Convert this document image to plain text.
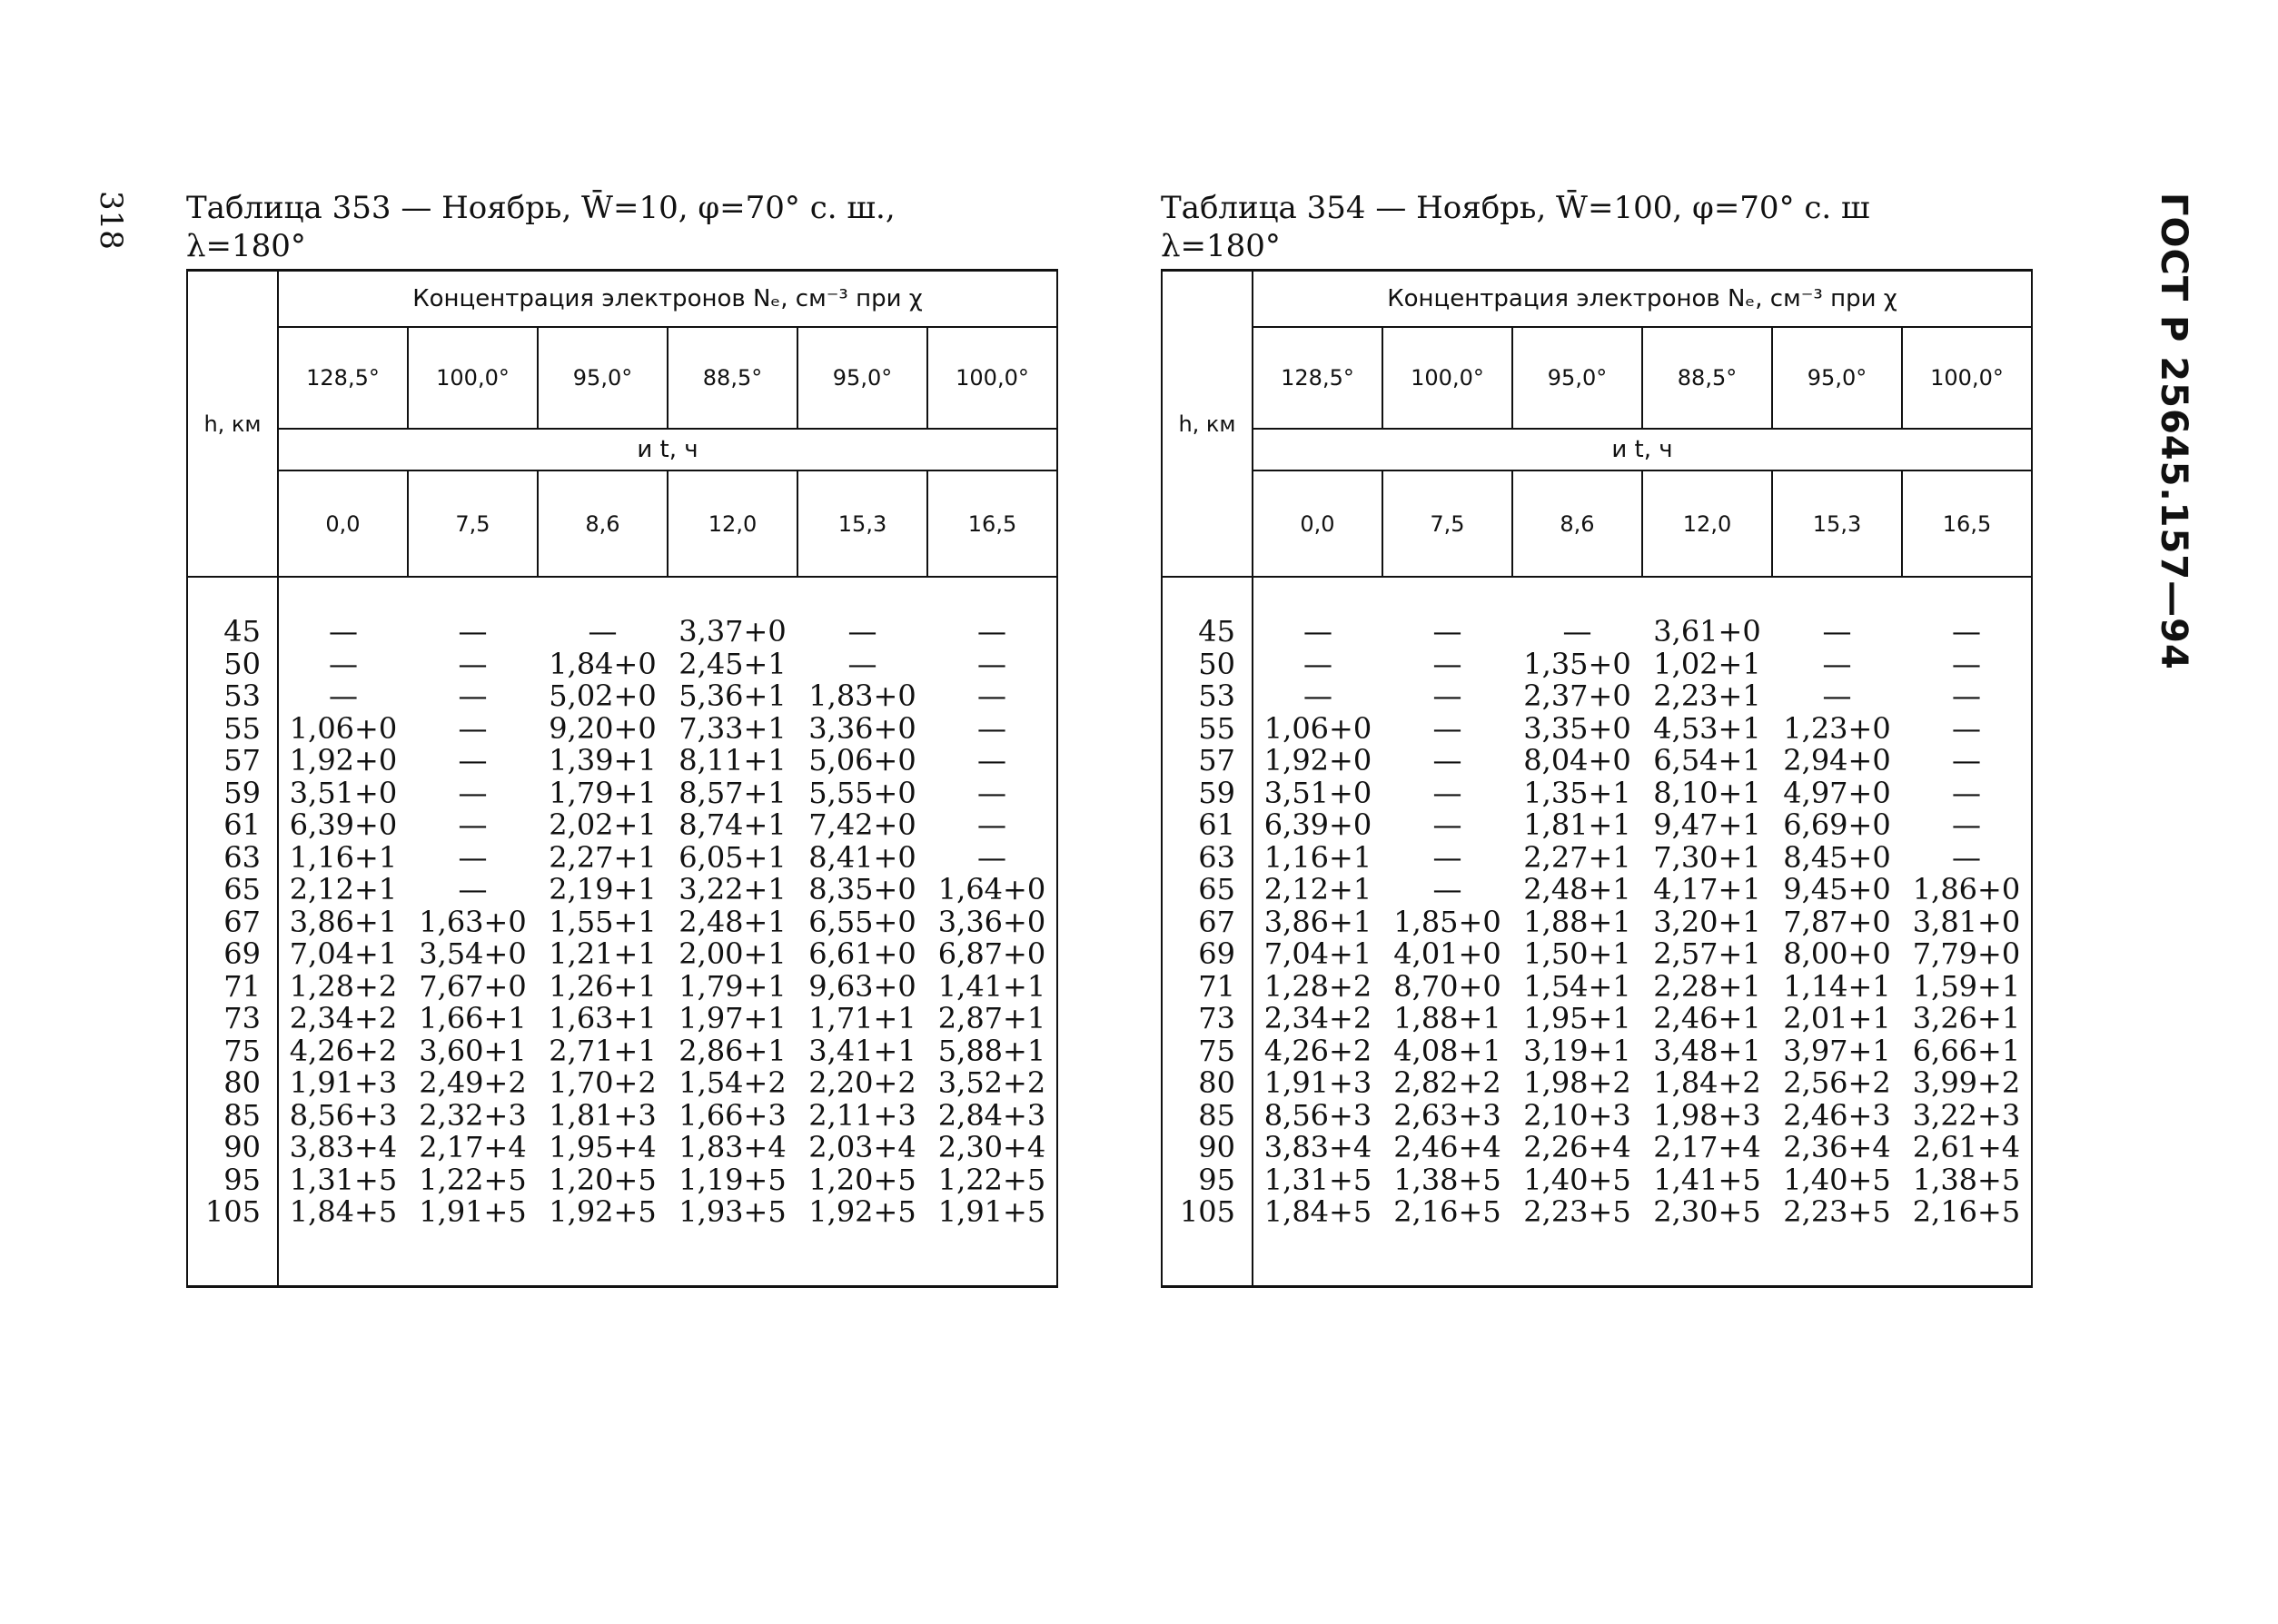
318	ГОСТ Р 25645.157—94
Таблица 353 — Ноябрь, W̄=10, φ=70° с. ш.,
λ=180°
h, км	Концентрация электронов Nₑ, см⁻³ при χ					
	128,5°	100,0°	95,0°	88,5°	95,0°	100,0°
	и t, ч					
	0,0	7,5	8,6	12,0	15,3	16,5
45	—	—	—	3,37+0	—	—
50	—	—	1,84+0	2,45+1	—	—
53	—	—	5,02+0	5,36+1	1,83+0	—
55	1,06+0	—	9,20+0	7,33+1	3,36+0	—
57	1,92+0	—	1,39+1	8,11+1	5,06+0	—
59	3,51+0	—	1,79+1	8,57+1	5,55+0	—
61	6,39+0	—	2,02+1	8,74+1	7,42+0	—
63	1,16+1	—	2,27+1	6,05+1	8,41+0	—
65	2,12+1	—	2,19+1	3,22+1	8,35+0	1,64+0
67	3,86+1	1,63+0	1,55+1	2,48+1	6,55+0	3,36+0
69	7,04+1	3,54+0	1,21+1	2,00+1	6,61+0	6,87+0
71	1,28+2	7,67+0	1,26+1	1,79+1	9,63+0	1,41+1
73	2,34+2	1,66+1	1,63+1	1,97+1	1,71+1	2,87+1
75	4,26+2	3,60+1	2,71+1	2,86+1	3,41+1	5,88+1
80	1,91+3	2,49+2	1,70+2	1,54+2	2,20+2	3,52+2
85	8,56+3	2,32+3	1,81+3	1,66+3	2,11+3	2,84+3
90	3,83+4	2,17+4	1,95+4	1,83+4	2,03+4	2,30+4
95	1,31+5	1,22+5	1,20+5	1,19+5	1,20+5	1,22+5
105	1,84+5	1,91+5	1,92+5	1,93+5	1,92+5	1,91+5

Таблица 354 — Ноябрь, W̄=100, φ=70° с. ш
λ=180°
h, км	Концентрация электронов Nₑ, см⁻³ при χ					
	128,5°	100,0°	95,0°	88,5°	95,0°	100,0°
	и t, ч					
	0,0	7,5	8,6	12,0	15,3	16,5
45	—	—	—	3,61+0	—	—
50	—	—	1,35+0	1,02+1	—	—
53	—	—	2,37+0	2,23+1	—	—
55	1,06+0	—	3,35+0	4,53+1	1,23+0	—
57	1,92+0	—	8,04+0	6,54+1	2,94+0	—
59	3,51+0	—	1,35+1	8,10+1	4,97+0	—
61	6,39+0	—	1,81+1	9,47+1	6,69+0	—
63	1,16+1	—	2,27+1	7,30+1	8,45+0	—
65	2,12+1	—	2,48+1	4,17+1	9,45+0	1,86+0
67	3,86+1	1,85+0	1,88+1	3,20+1	7,87+0	3,81+0
69	7,04+1	4,01+0	1,50+1	2,57+1	8,00+0	7,79+0
71	1,28+2	8,70+0	1,54+1	2,28+1	1,14+1	1,59+1
73	2,34+2	1,88+1	1,95+1	2,46+1	2,01+1	3,26+1
75	4,26+2	4,08+1	3,19+1	3,48+1	3,97+1	6,66+1
80	1,91+3	2,82+2	1,98+2	1,84+2	2,56+2	3,99+2
85	8,56+3	2,63+3	2,10+3	1,98+3	2,46+3	3,22+3
90	3,83+4	2,46+4	2,26+4	2,17+4	2,36+4	2,61+4
95	1,31+5	1,38+5	1,40+5	1,41+5	1,40+5	1,38+5
105	1,84+5	2,16+5	2,23+5	2,30+5	2,23+5	2,16+5
